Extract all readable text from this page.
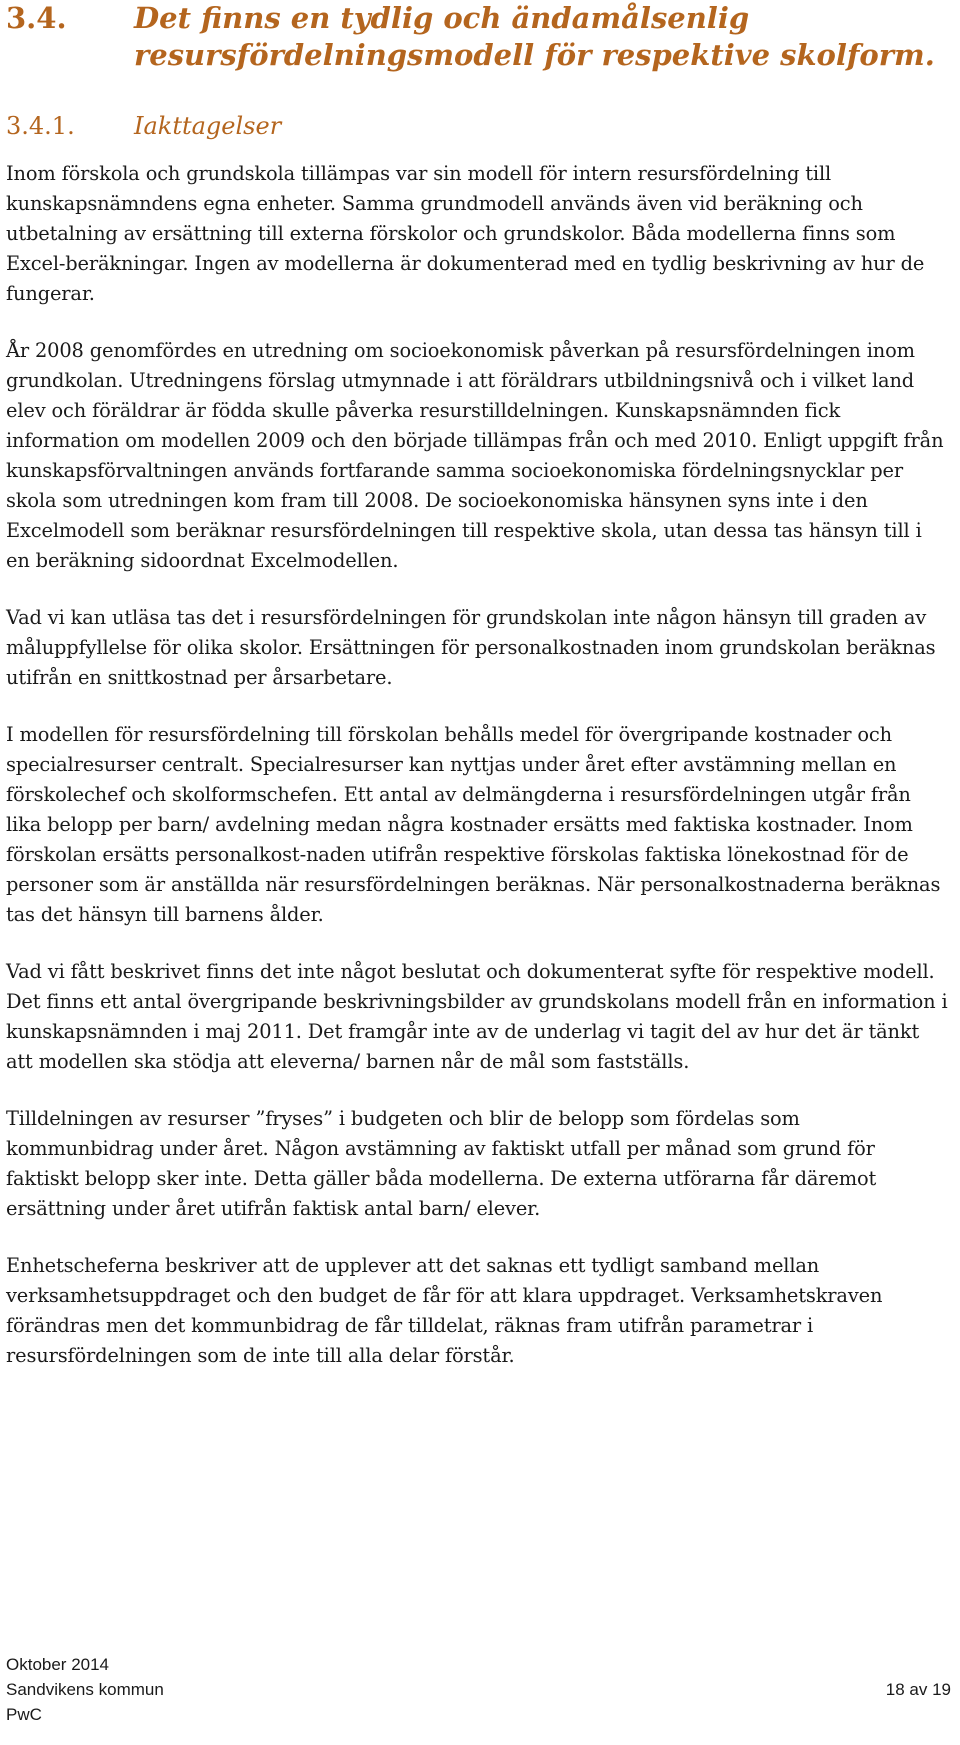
3.4. Det finns en tydlig och ändamålsenlig resursfördelningsmodell för respektive skolform.
3.4.1. Iakttagelser

Inom förskola och grundskola tillämpas var sin modell för intern resursfördelning till kunskapsnämndens egna enheter. Samma grundmodell används även vid beräkning och utbetalning av ersättning till externa förskolor och grundskolor. Båda modellerna finns som Excel-beräkningar. Ingen av modellerna är dokumenterad med en tydlig beskrivning av hur de fungerar.

År 2008 genomfördes en utredning om socioekonomisk påverkan på resursfördelningen inom grundkolan. Utredningens förslag utmynnade i att föräldrars utbildningsnivå och i vilket land elev och föräldrar är födda skulle påverka resurstilldelningen. Kunskapsnämnden fick information om modellen 2009 och den började tillämpas från och med 2010. Enligt uppgift från kunskapsförvaltningen används fortfarande samma socioekonomiska fördelningsnycklar per skola som utredningen kom fram till 2008. De socioekonomiska hänsynen syns inte i den Excelmodell som beräknar resursfördelningen till respektive skola, utan dessa tas hänsyn till i en beräkning sidoordnat Excelmodellen.

Vad vi kan utläsa tas det i resursfördelningen för grundskolan inte någon hänsyn till graden av måluppfyllelse för olika skolor. Ersättningen för personalkostnaden inom grundskolan beräknas utifrån en snittkostnad per årsarbetare.

I modellen för resursfördelning till förskolan behålls medel för övergripande kostnader och specialresurser centralt. Specialresurser kan nyttjas under året efter avstämning mellan en förskolechef och skolformschefen. Ett antal av delmängderna i resursfördelningen utgår från lika belopp per barn/ avdelning medan några kostnader ersätts med faktiska kostnader. Inom förskolan ersätts personalkost-naden utifrån respektive förskolas faktiska lönekostnad för de personer som är anställda när resursfördelningen beräknas. När personalkostnaderna beräknas tas det hänsyn till barnens ålder.

Vad vi fått beskrivet finns det inte något beslutat och dokumenterat syfte för respektive modell. Det finns ett antal övergripande beskrivningsbilder av grundskolans modell från en information i kunskapsnämnden i maj 2011. Det framgår inte av de underlag vi tagit del av hur det är tänkt att modellen ska stödja att eleverna/ barnen når de mål som fastställs.

Tilldelningen av resurser ”fryses” i budgeten och blir de belopp som fördelas som kommunbidrag under året. Någon avstämning av faktiskt utfall per månad som grund för faktiskt belopp sker inte. Detta gäller båda modellerna. De externa utförarna får däremot ersättning under året utifrån faktisk antal barn/ elever.

Enhetscheferna beskriver att de upplever att det saknas ett tydligt samband mellan verksamhetsuppdraget och den budget de får för att klara uppdraget. Verksamhetskraven förändras men det kommunbidrag de får tilldelat, räknas fram utifrån parametrar i resursfördelningen som de inte till alla delar förstår.

Oktober 2014
Sandvikens kommun
PwC
18 av 19
